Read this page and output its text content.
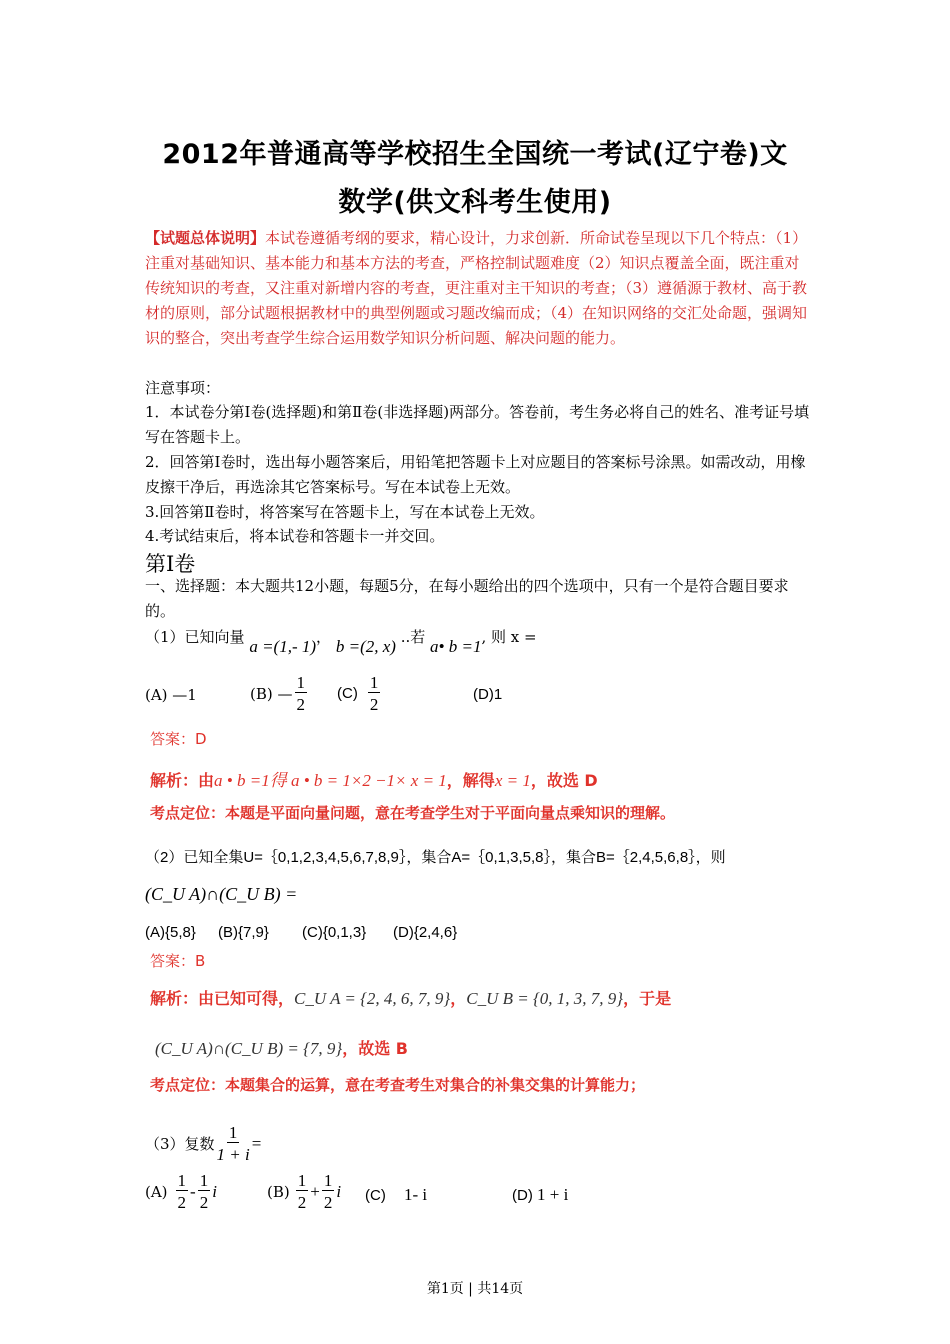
2012年普通高等学校招生全国统一考试(辽宁卷)文
数学(供文科考生使用)
【试题总体说明】本试卷遵循考纲的要求，精心设计，力求创新．所命试卷呈现以下几个特点：（1）注重对基础知识、基本能力和基本方法的考查，严格控制试题难度（2）知识点覆盖全面，既注重对传统知识的考查，又注重对新增内容的考查，更注重对主干知识的考查；（3）遵循源于教材、高于教材的原则，部分试题根据教材中的典型例题或习题改编而成；（4）在知识网络的交汇处命题，强调知识的整合，突出考查学生综合运用数学知识分析问题、解决问题的能力。
注意事项：
1．本试卷分第Ⅰ卷(选择题)和第Ⅱ卷(非选择题)两部分。答卷前，考生务必将自己的姓名、准考证号填写在答题卡上。
2．回答第Ⅰ卷时，选出每小题答案后，用铅笔把答题卡上对应题目的答案标号涂黑。如需改动，用橡皮擦干净后，再选涂其它答案标号。写在本试卷上无效。
3.回答第Ⅱ卷时，将答案写在答题卡上，写在本试卷上无效。
4.考试结束后，将本试卷和答题卡一并交回。
第Ⅰ卷
一、选择题：本大题共12小题，每题5分，在每小题给出的四个选项中，只有一个是符合题目要求的。
（1）已知向量 a =(1,- 1)， b =(2, x) ..若 a• b =1, 则 x =
(A) —1	(B) — $\frac{1}{2} (C) \frac{1}{2}$	(D)1
答案：D
解析：由a • b =1得 a • b = 1×2 −1× x = 1，解得x = 1，故选 D
考点定位：本题是平面向量问题，意在考查学生对于平面向量点乘知识的理解。
（2）已知全集U=｛0,1,2,3,4,5,6,7,8,9｝，集合A=｛0,1,3,5,8｝，集合B=｛2,4,5,6,8｝，则
(C_U A)∩(C_U B) =
(A){5,8} (B){7,9} (C){0,1,3} (D){2,4,6}
答案：B
解析：由已知可得，C_U A = {2, 4, 6, 7, 9}，C_U B = {0, 1, 3, 7, 9}，于是
(C_U A)∩(C_U B) = {7, 9}，故选 B
考点定位：本题集合的运算，意在考查考生对集合的补集交集的计算能力；
（3）复数 $\frac{1}{1 + i}$ =
$(A) \frac{1}{2} - \frac{1}{2}$ i	$(B) \frac{1}{2} + \frac{1}{2}$ i (C) 1- i	(D) 1 + i
第1页 | 共14页
